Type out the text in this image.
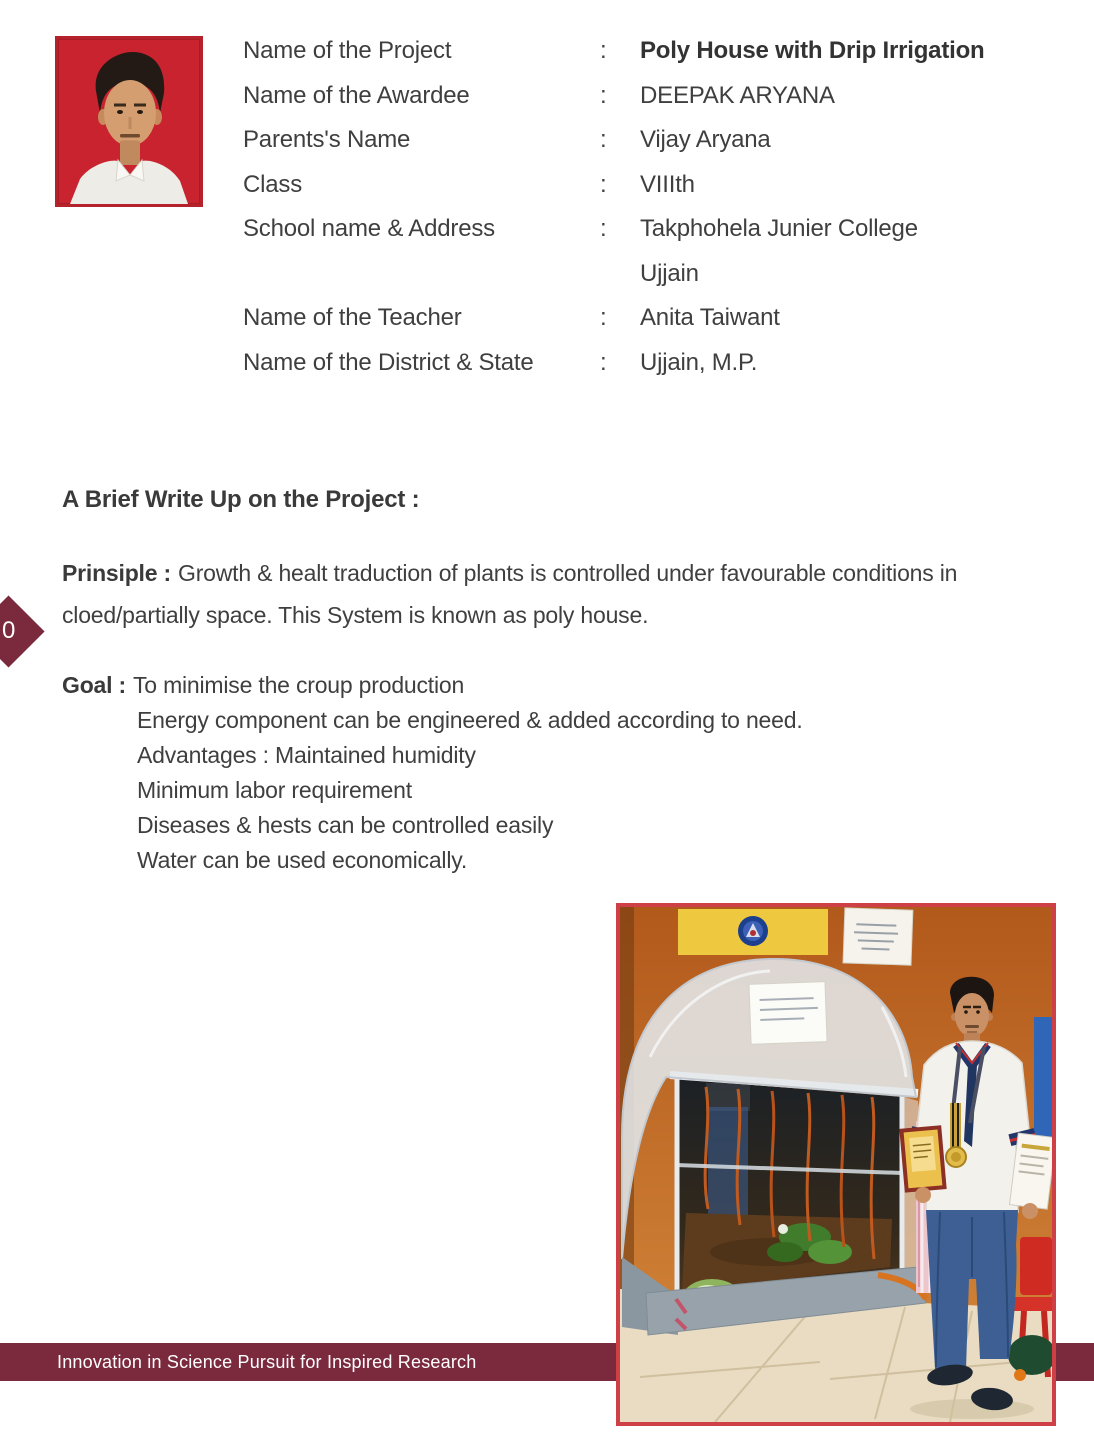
Name of the Project	:	Poly House with Drip Irrigation
Name of the Awardee	:	DEEPAK ARYANA
Parents's Name	:	Vijay Aryana
Class	:	VIIIth
School name & Address	:	Takphohela Junier College
Ujjain
Name of the Teacher	:	Anita Taiwant
Name of the District & State	:	Ujjain, M.P.
A Brief Write Up on the Project :
Prinsiple : Growth & healt traduction of plants is controlled under favourable conditions in cloed/partially space. This System is known as poly house.
Goal : To minimise the croup production
Energy component can be engineered & added according to need.
Advantages : Maintained humidity
Minimum labor requirement
Diseases & hests can be controlled easily
Water can be used economically.
0
Innovation in Science Pursuit for Inspired Research
